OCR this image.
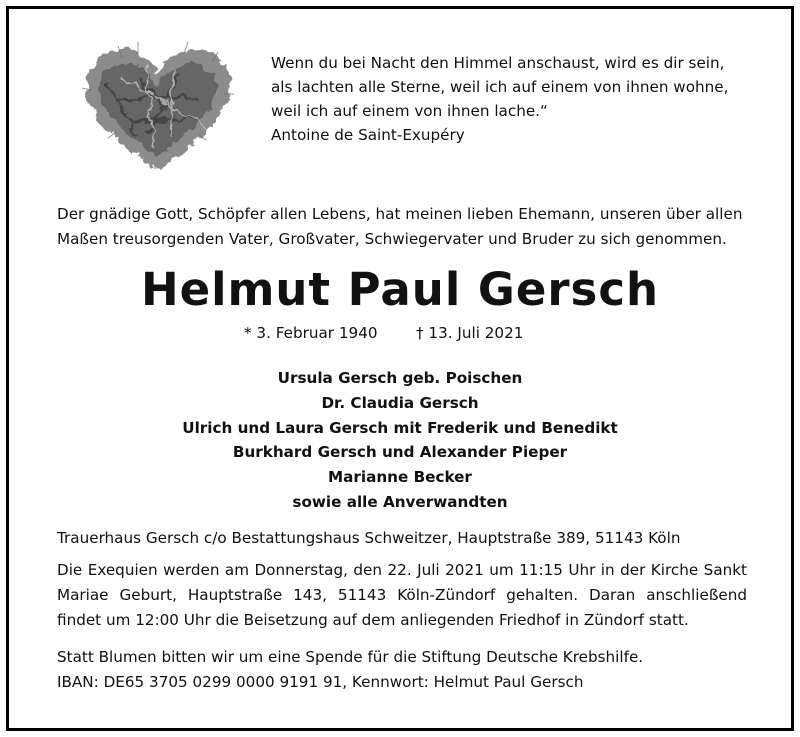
Wenn du bei Nacht den Himmel anschaust, wird es dir sein,
als lachten alle Sterne, weil ich auf einem von ihnen wohne,
weil ich auf einem von ihnen lache.“
Antoine de Saint-Exupéry
Der gnädige Gott, Schöpfer allen Lebens, hat meinen lieben Ehemann, unseren über allen
Maßen treusorgenden Vater, Großvater, Schwiegervater und Bruder zu sich genommen.
Helmut Paul Gersch
* 3. Februar 1940	† 13. Juli 2021
Ursula Gersch geb. Poischen
Dr. Claudia Gersch
Ulrich und Laura Gersch mit Frederik und Benedikt
Burkhard Gersch und Alexander Pieper
Marianne Becker
sowie alle Anverwandten
Trauerhaus Gersch c/o Bestattungshaus Schweitzer, Hauptstraße 389, 51143 Köln
Die Exequien werden am Donnerstag, den 22. Juli 2021 um 11:15 Uhr in der Kirche Sankt
Mariae Geburt, Hauptstraße 143, 51143 Köln-Zündorf gehalten. Daran anschließend
findet um 12:00 Uhr die Beisetzung auf dem anliegenden Friedhof in Zündorf statt.
Statt Blumen bitten wir um eine Spende für die Stiftung Deutsche Krebshilfe.
IBAN: DE65 3705 0299 0000 9191 91, Kennwort: Helmut Paul Gersch
